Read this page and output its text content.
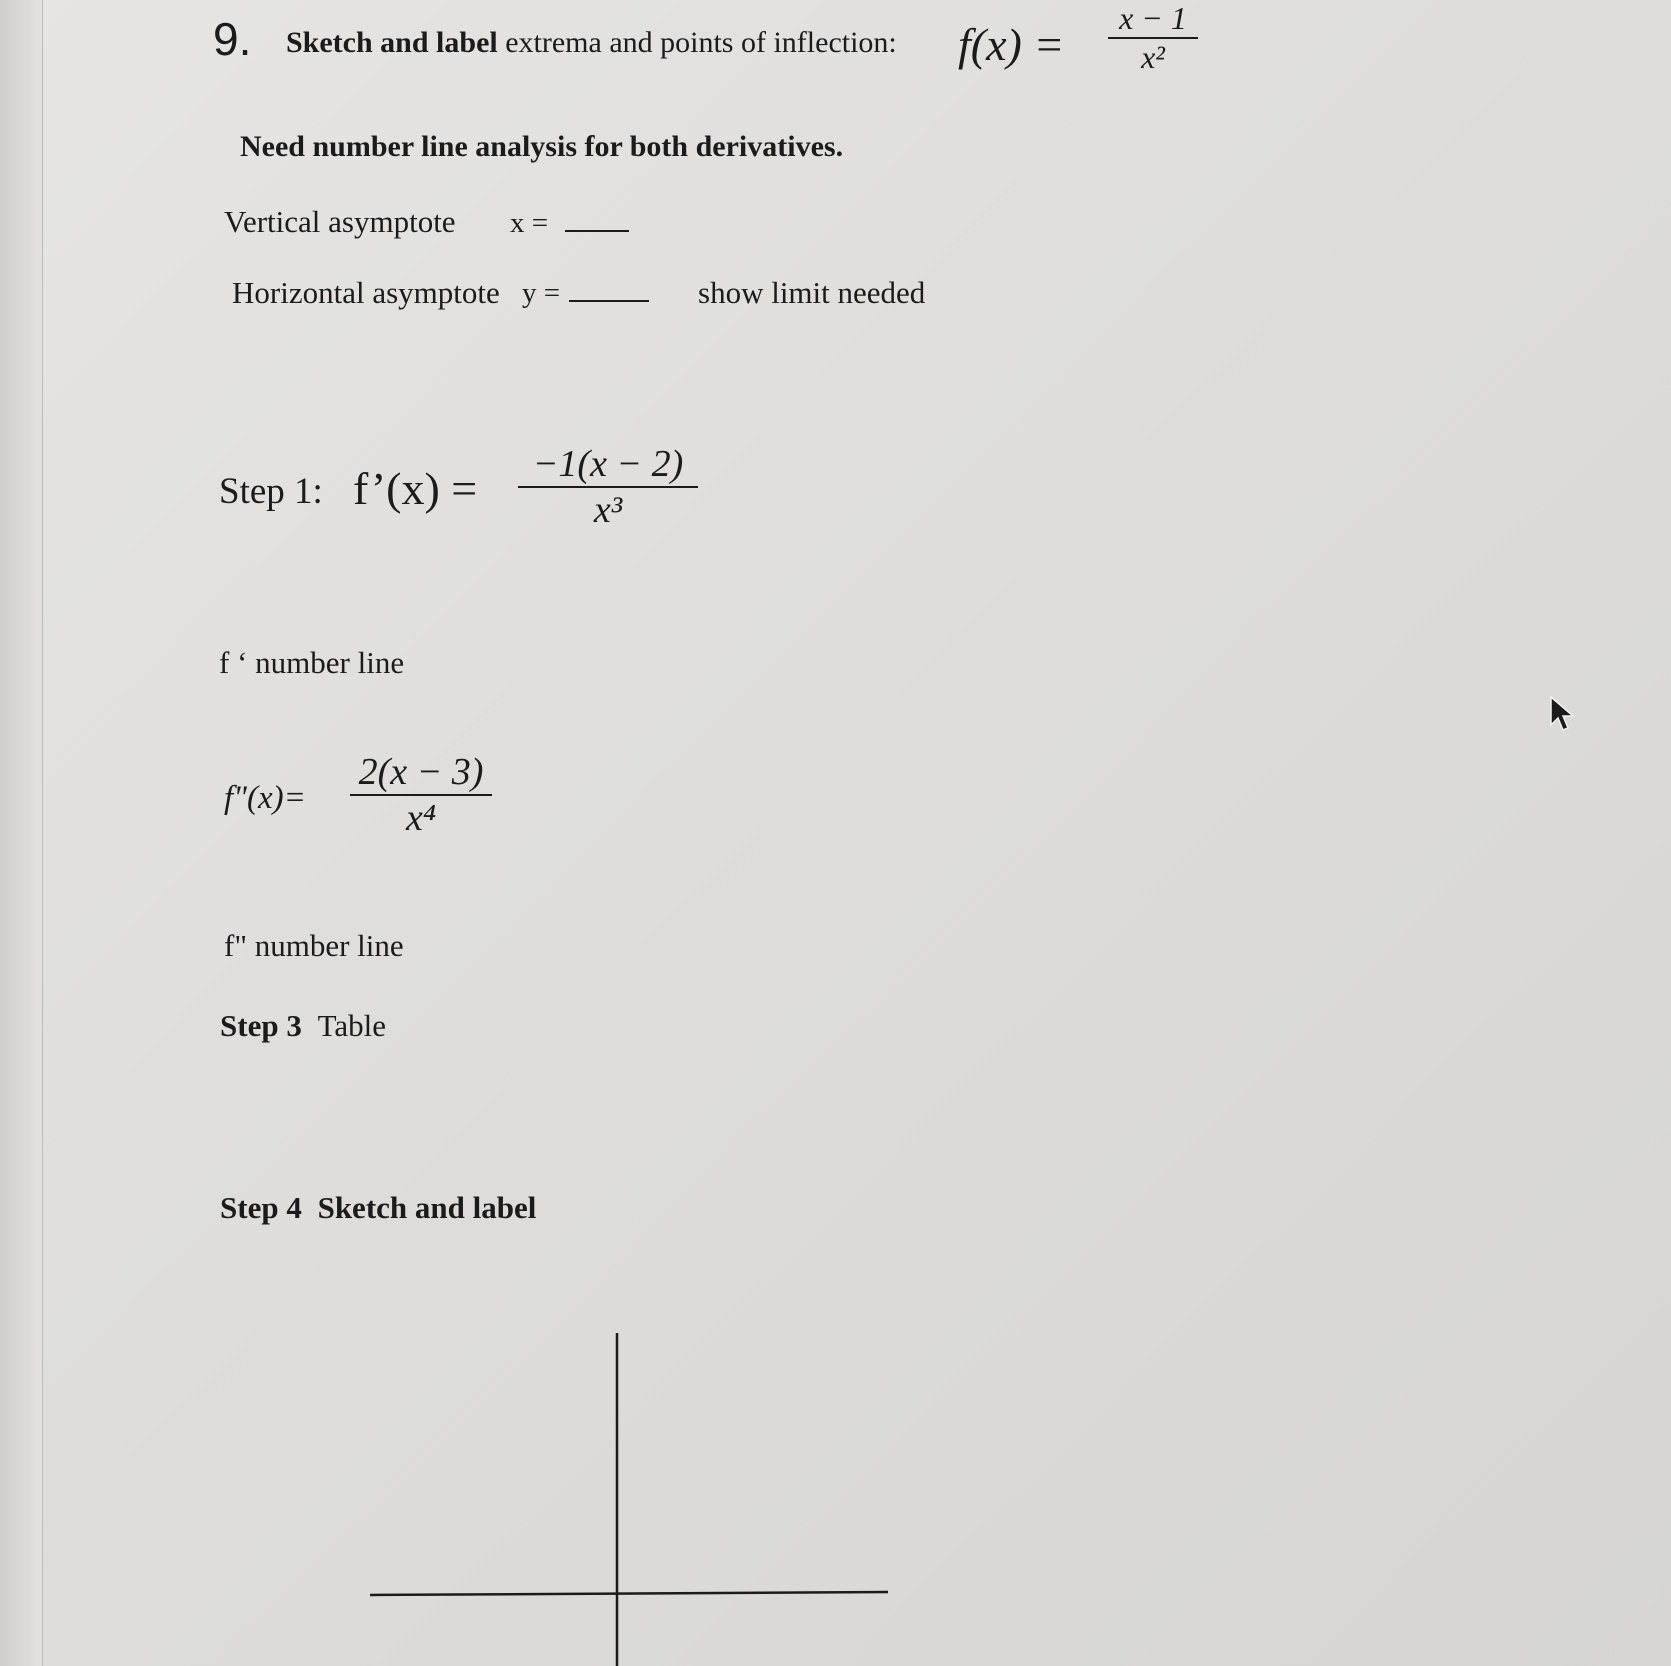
9. Sketch and label extrema and points of inflection: f(x) =
x − 1
x²
Need number line analysis for both derivatives.
Vertical asymptote x =
Horizontal asymptote y =	show limit needed
Step 1: f’(x) =	−1(x − 2)
x³
f ‘ number line
f"(x)=
2(x − 3)
x⁴
f" number line
Step 3 Table
Step 4 Sketch and label
